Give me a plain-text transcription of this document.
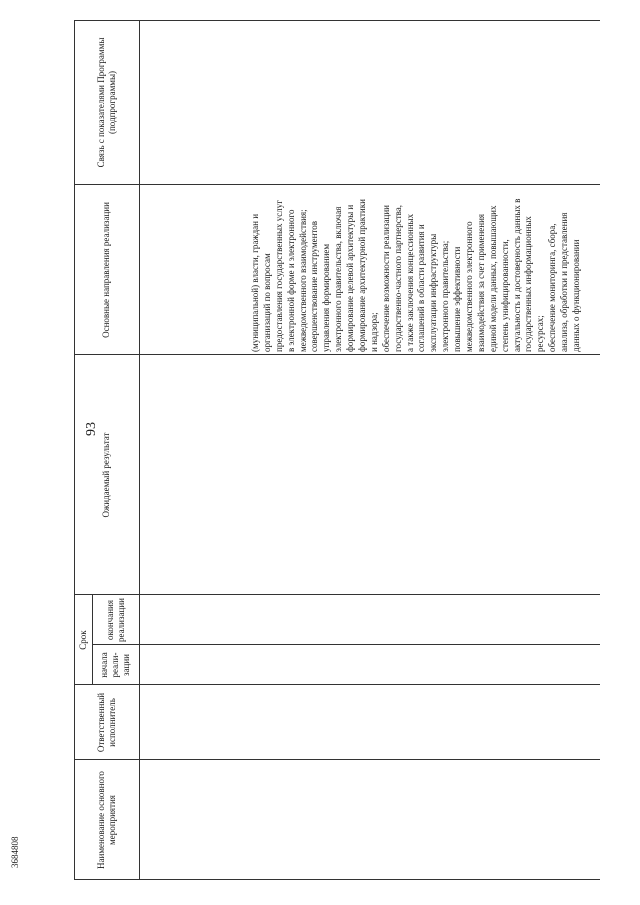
93
3684808	Наименование основного мероприятия
Ответственный исполнитель
Срок
начала реали-зации
окончания реализации
Ожидаемый результат
Основные направления реализации
Связь с показателями Программы (подпрограммы)
(муниципальной) власти, граждан и организаций по вопросам предоставления государственных услуг в электронной форме и электронного межведомственного взаимодействия; совершенствование инструментов управления формированием электронного правительства, включая формирование целевой архитектуры и формирование архитектурной практики и надзора; обеспечение возможности реализации государственно-частного партнерства, а также заключения концессионных соглашений в области развития и эксплуатации инфраструктуры электронного правительства; повышение эффективности межведомственного электронного взаимодействия за счет применения единой модели данных, повышающих степень унифицированности, актуальность и достоверность данных в государственных информационных ресурсах; обеспечение мониторинга, сбора, анализа, обработки и представления данных о функционировании
